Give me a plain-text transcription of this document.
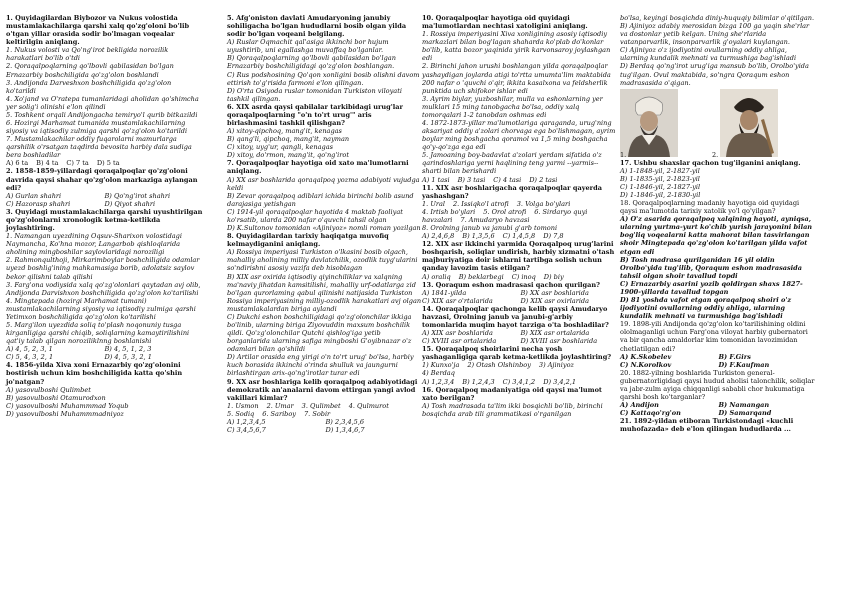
1. Quyidagilardan Biybozor va Nukus volostida mustamlakachilarga qarshi xalq qo'zg'oloni bo'lib o'tgan yillar orasida sodir bo'lmagan voqealar keltirilgin aniqlang.

1. Nukus volosti va Qo'ng'irot bekligida norozilik harakatlari bo'lib o'tdi

2. Qoraqalpoqlarning qo'lbovli qabilasidan bo'lgan Ernazarbiy boshchiligida qo'zg'olon boshlandi

3. Andijonda Darveshxon boshchiligida qo'zg'olon ko'tarildi

4. Xo'jand va O'ratepa tumanlaridagi aholidan qo'shimcha yer solig'i olinishi e'lon qilindi

5. Toshkent orqali Andijongacha temiryo'l qurib bitkazildi

6. Hozirgi Marhamat tumanida mustamlakachilarning siyosiy va iqtisodiy zulmiga qarshi qo'zg'olon ko'tarildi

7. Mustamlakachilar oddiy fuqarolarni mamurlarga qarshilik o'rsatgan taqdirda bevosita harbiy dala sudiga bera boshladilar

A) 6 ta B) 4 ta C) 7 ta D) 5 ta

2. 1858-1859-yillardagi qoraqalpoqlar qo'zg'oloni davrida qaysi shahar qo'zg'olon markaziga aylangan edi?

A) Gurlan shahri	B) Qo'ng'irot shahri
C) Hazorasp shahri	D) Qiyot shahri

3. Quyidagi mustamlakachilarga qarshi uyushtirilgan qo'zg'olonlarni xronologik ketma-ketlikda joylashtiring.

1. Namangan uyezdining Oqsuv-Sharixon volostidagi Naymancha, Ko'hna mozor, Langarbob qishloqlarida aholining mingboshilar saylovlaridagi noroziligi

2. Rahmonqulthoji, Mirkarimboylar boshchiligida odamlar uyezd boshlig'ining mahkamasiga borib, adolatsiz saylov bekor qilishni talab qilishi

3. Farg'ona vodiysida xalq qo'zg'olonlari qaytadan avj olib, Andijonda Darvishxon boshchiligida qo'zg'olon ko'tarilishi

4. Mingtepada (hozirgi Marhamat tumani) mustamlakachilarning siyosiy va iqtisodiy zulmiga qarshi Yetimxon boshchiligida qo'zg'olon ko'tarilishi

5. Marg'ilon uyezdida soliq to'plash noqonuniy tusga kirganligiga qarshi chiqib, soliqlarning kamaytirilishini qat'iy talab qilgan noroziliklnng boshlanishi

A) 4, 5, 2, 3, 1	B) 4, 5, 1, 2, 3
C) 5, 4, 3, 2, 1	D) 4, 5, 3, 2, 1

4. 1856-yilda Xiva xoni Ernazarbiy qo'zg'olonini bostirish uchun kim boshchiligida katta qo'shin jo'natgan?

A) yasovulboshi Qulimbet

B) yasovulboshi Otamurodxon

C) yasovulboshi Muhammmad Yoqub

D) yasovulboshi Muhammmadniyoz

5. Afg'oniston davlati Amudaryoning janubiy sohiligacha bo'lgan hududlarni bosib olgan yilda sodir bo'lgan voqeani belgilang.

A) Ruslar Oqmachit qal'asiga ikkinchi bor hujum uyushtirib, uni egallashga muvaffaq bo'lganlar.

B) Qoraqalpoqlarning qo'lbovli qabilasidan bo'lgan Ernazarbiy boshchiligidagi qo'zg'olon boshlangan.

C) Rus podshosining Qo'qon xonligini bosib olishni davom ettirish to'g'risida farmoni e'lon qilingan.

D) O'rta Osiyoda ruslar tomonidan Turkiston viloyati tashkil qilingan.

6. XIX asrda qaysi qabilalar tarkibidagi urug'lar qoraqalpoqlarning "o'n to'rt urug'" aris birlashmasini tashkil qilishgan?

A) xitoy-qipchoq, mang'it, kenagas

B) qang'li, qipchoq, mang'it, nayman

C) xitoy, uyg'ur, qangli, kenagas

D) xitoy, do'rmon, mang'it, qo'ng'irot

7. Qoraqalpoqlar hayotiga oid xato ma'lumotlarni aniqlang.

A) XX asr boshlarida qoraqalpoq yozma adabiyoti vujudga keldi

B) Zevar qoraqalpoq adiblari ichida birinchi bolib asund darajasiga yetishgan

C) 1914-yil qoraqalpoqlar hayotida 4 maktab faoliyat ko'rsatib, ularda 200 nafar o'quvchi tahsil olgan

D) K.Sultonov tomonidan «Ajiniyoz» nomli roman yozilgan

8. Quyidagilardan tarixiy haqiqatga muvofiq kelmaydiganini aniqlang.

A) Rossiya imperiyasi Turkiston o'lkasini bosib olgach, mahalliy aholining milliy davlatchilik, ozodlik tuyg'ularini so'ndirishni asosiy vazifa deb hisoblagan

B) XIX asr oxirida iqtisodiy qiyinchiliklar va xalqning ma'naviy jihatdan kamsitilishi, mahalliy urf-odatlarga zid bo'lgan qurorlaming qabul qilinishi natijasida Turkiston Rossiya imperiyasining milliy-ozodlik harakatlari avj olgan mustamlakalardan biriga aylandi

C) Dukchi eshon boshchiligidagi qo'zg'olonchilar ikkiga bo'linib, ularning biriga Ziyovuddin maxsum boshchilik qildi. Qo'zg'olonchilar Qutchi qishlog'iga yetib borganlarida ularning safiga mingboshi G'oyibnazar o'z odamlari bilan qo'shildi

D) Artilar orasida eng yirigi o'n to'rt urug' bo'lsa, harbiy kuch borasida ikkinchi o'rinda shulluk va jaungurni birlashtirgan arix-qo'ng'irotlar turar edi

9. XX asr boshlariga kelib qoraqalpoq adabiyotidagi demokratik an'analarni davom ettirgan yangi avlod vakillari kimlar?

1. Usmon 2. Umar 3. Qulimbet 4. Qulmurot
5. Sodiq 6. Sariboy 7. Sobir
A) 1,2,3,4,5	B) 2,3,4,5,6
C) 3,4,5,6,7	D) 1,3,4,6,7

10. Qoraqalpoqlar hayotiga oid quyidagi ma'lumotlardan nechtasi xatoligini aniqlang.

1. Rossiya imperiyasini Xiva xonligining asosiy iqtisodiy markazlari bilan bog'lagan shaharda ko'plab do'konlar bo'lib, katta bozor yaqinida yirik karvonsaroy joylashgan edi

2. Birinchi jahon urushi boshlangan yilda qoraqalpoqlar yashaydigan joylarda atigi to'rtta umumta'lim maktabida 200 nafar o 'quvchi o'qir, ikkita kasalxona va feldsherlik punktida uch shifokor ishlar edi

3. Ayrim biylar, yuzboshilar, mulla va eshonlarning yer mulklari 15 ming tanobgacha bo'lsa, oddiy xalq tomorqalari 1-2 tanobdan oshmas edi

4. 1872-1873-yillar ma'lumotlariga qaraganda, urug'ning aksariyat oddiy a'zolari chorvaga ega bo'lishmagan, ayrim boylar ming boshgacha qoramol va 1,5 ming boshgacha qo'y-qo'zga ega edi

5. Jamoaning boy-badavlat a'zolari yerdam sifatida o'z qarindoshlariga yerni haqlining teng yarmi --yarmis-- sharti bilan berishardi

A) 1 tasi B) 3 tasi C) 4 tasi D) 2 tasi

11. XIX asr boshlarigacha qoraqalpoqlar qayerda yashashgan?

1. Ural 2. Issiqko'l atrofi 3. Volga bo'ylari
4. Irtish bo'ylari 5. Orol atrofi 6. Sirdaryo quyi
havzalari 7. Amudaryo havzasi

8. Orolning janub va janubi g'arb tomoni

A) 2,4,6,8 B) 1,3,5,6 C) 1,4,5,8 D) 7,8

12. XIX asr ikkinchi yarmida Qoraqalpoq urug'larini boshqarish, soliqlar undirish, harbiy xizmatni o'tash majburiyatiga doir ishlarni tartibga solish uchun qanday lavozim tasis etilgan?

A) oraliq B) beklarbegi C) inoq D) biy

13. Qoraqum eshon madrasasi qachon qurilgan?

A) 1841-yilda	B) XX asr boshlarida
C) XIX asr o'rtalarida	D) XIX asr oxirlarida

14. Qoraqalpoqlar qachonga kelib qaysi Amudaryo havzasi, Orolning janub va janubi-g'arbiy tomonlarida muqim hayot tarziga o'ta boshladilar?

A) XIX asr boshlarida	B) XIX asr ortalarida
C) XVIII asr ortalarida	D) XVIII asr boshlarida

15. Qoraqalpoq shoirlarini necha yosh yashaganligiga qarab ketma-ketlikda joylashtiring?

1) Kunxo'ja 2) Otash Olshinboy 3) Ajiniyoz

4) Berdaq

A) 1,2,3,4 B) 1,2,4,3 C) 3,4,1,2 D) 3,4,2,1

16. Qoraqalpoq madaniyatiga oid qaysi ma'lumot xato berilgan?

A) Tosh madrasada ta'lim ikki bosqichli bo'lib, birinchi bosqichda arab tili grammatikasi o'rganilgan

bo'lsa, keyingi bosqichda diniy-huquqiy bilimlar o'qitilgan.

B) Ajiniyoz adabiy merosidan bizga 100 ga yaqin she'rlar va dostonlar yetib kelgan. Uning she'rlarida vatanparvarlik, insonparvarlik g'oyalari kuylangan.

C) Ajiniyoz o'z ijodiyotini ovullarning oddiy ahliga, ularning kundalik mehnati va turmushiga bag'ishladi

D) Berdaq qo'ng'irot urug'iga mansub bo'lib, Orolbo'yida tug'ilgan. Ovul maktabida, so'ngra Qoraqum eshon madrasasida o'qigan.

1.	2.

17. Ushbu shaxslar qachon tug'ilganini aniqlang.

A) 1-1848-yil, 2-1827-yil

B) 1-1835-yil, 2-1823-yil

C) 1-1846-yil, 2-1827-yil

D) 1-1846-yil, 2-1830-yil

18. Qoraqalpoqlarning madaniy hayotiga oid quyidagi qaysi ma'lumotda tarixiy xatolik yo'l qo'yilgan?

A) O'z asarida qoraqalpoq xalqining hayoti, ayniqsa, ularning yurtma-yurt ko'chib yurish jarayonini bilan bog'liq voqealarni katta mahorat bilan tasvirlangan shoir Mingtepada qo'zg'olon ko'tarilgan yilda vafot etgan edi

B) Tosh madrasa qurilganidan 16 yil oldin Orolbo'yida tug'ilib, Qoraqum eshon madrasasida tahsil olgan shoir tavallud topdi

C) Ernazarbiy asarini yozib qoldirgan shaxs 1827-1900-yillarda tavallud topgan

D) 81 yoshda vafot etgan qoraqalpoq shoiri o'z ijodiyotini ovullarning oddiy ahliga, ularning kundalik mehnati va turmushiga bag'ishladi

19. 1898-yili Andijonda qo'zg'olon ko'tarilishining oldini ololmaganligi uchun Farg'ona viloyat harbiy gubernatori va bir qancha amaldorlar kim tomonidan lavozimidan chetlatilgan edi?

A) K.Skobelev	B) F.Girs
C) N.Korolkov	D) F.Kaufman

20. 1882-yilning boshlarida Turkiston general-gubernatorligidagi qaysi hudud aholisi talonchilik, soliqlar va jabr-zulm ayiga chiqqanligi sababli chor hukumatiga qarshi bosh ko'targanlar?

A) Andijon	B) Namangan
C) Kattaqo'rg'on	D) Samarqand

21. 1892-yildan etiboran Turkistondagi «kuchli muhofazada» deb e'lon qilingan hududlarda ...
